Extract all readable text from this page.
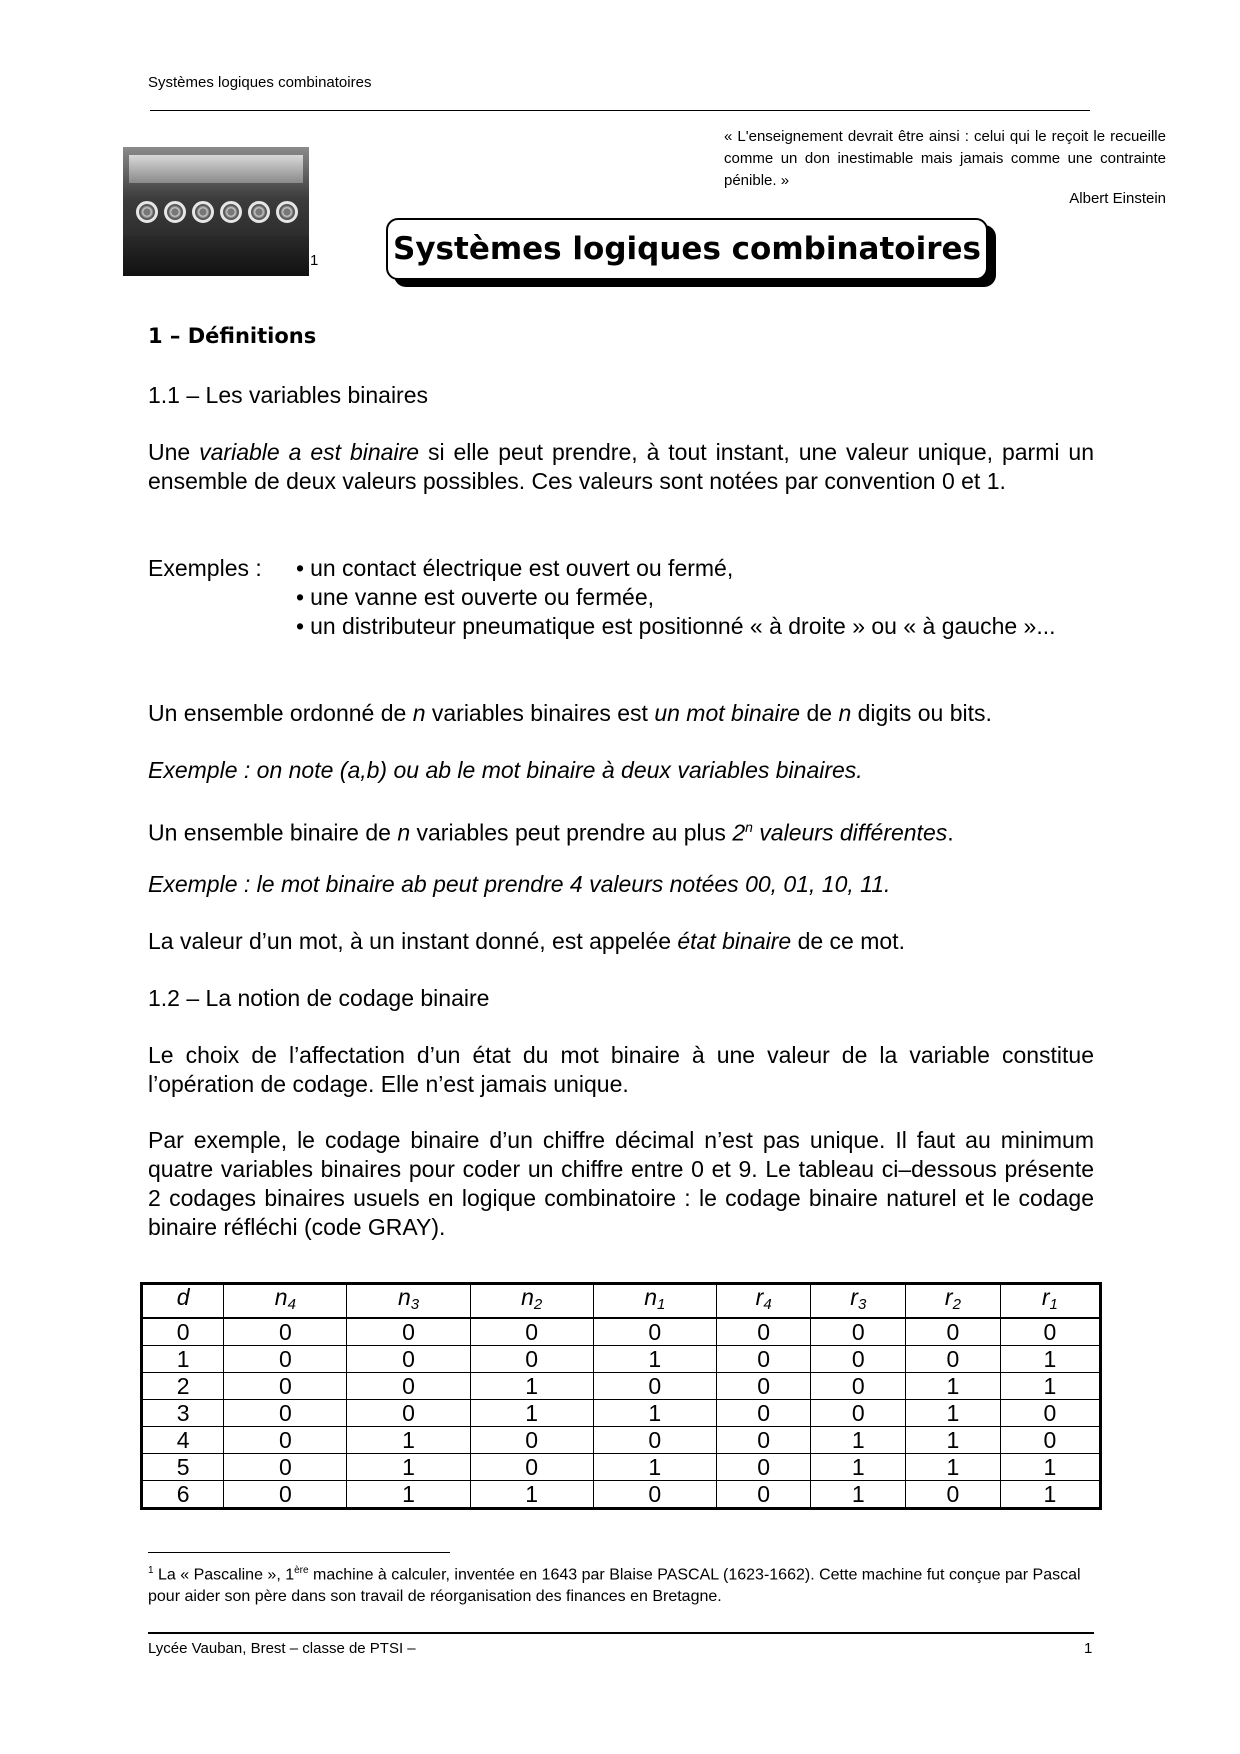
Systèmes logiques combinatoires
« L'enseignement devrait être ainsi : celui qui le reçoit le recueille comme un don inestimable mais jamais comme une contrainte pénible. »
Albert Einstein
1 Systèmes logiques combinatoires
1 – Définitions
1.1 – Les variables binaires
Une variable a est binaire si elle peut prendre, à tout instant, une valeur unique, parmi un ensemble de deux valeurs possibles. Ces valeurs sont notées par convention 0 et 1.
Exemples : • un contact électrique est ouvert ou fermé,
• une vanne est ouverte ou fermée,
• un distributeur pneumatique est positionné « à droite » ou « à gauche »...
Un ensemble ordonné de n variables binaires est un mot binaire de n digits ou bits.
Exemple : on note (a,b) ou ab le mot binaire à deux variables binaires.
Un ensemble binaire de n variables peut prendre au plus 2$^n$ valeurs différentes.
Exemple : le mot binaire ab peut prendre 4 valeurs notées 00, 01, 10, 11.
La valeur d’un mot, à un instant donné, est appelée état binaire de ce mot.
1.2 – La notion de codage binaire
Le choix de l’affectation d’un état du mot binaire à une valeur de la variable constitue l’opération de codage. Elle n’est jamais unique.
Par exemple, le codage binaire d’un chiffre décimal n’est pas unique. Il faut au minimum quatre variables binaires pour coder un chiffre entre 0 et 9. Le tableau ci–dessous présente 2 codages binaires usuels en logique combinatoire : le codage binaire naturel et le codage binaire réfléchi (code GRAY).
d	$n_4$	$n_3$	$n_2$	$n_1$	$r_4$	$r_3$	$r_2$	$r_1$
0	0	0	0	0	0	0	0	0
1	0	0	0	1	0	0	0	1
2	0	0	1	0	0	0	1	1
3	0	0	1	1	0	0	1	0
4	0	1	0	0	0	1	1	0
5	0	1	0	1	0	1	1	1
6	0	1	1	0	0	1	0	1
$^1$ La « Pascaline », 1ère machine à calculer, inventée en 1643 par Blaise PASCAL (1623-1662). Cette machine fut conçue par Pascal pour aider son père dans son travail de réorganisation des finances en Bretagne.
Lycée Vauban, Brest – classe de PTSI –	1
